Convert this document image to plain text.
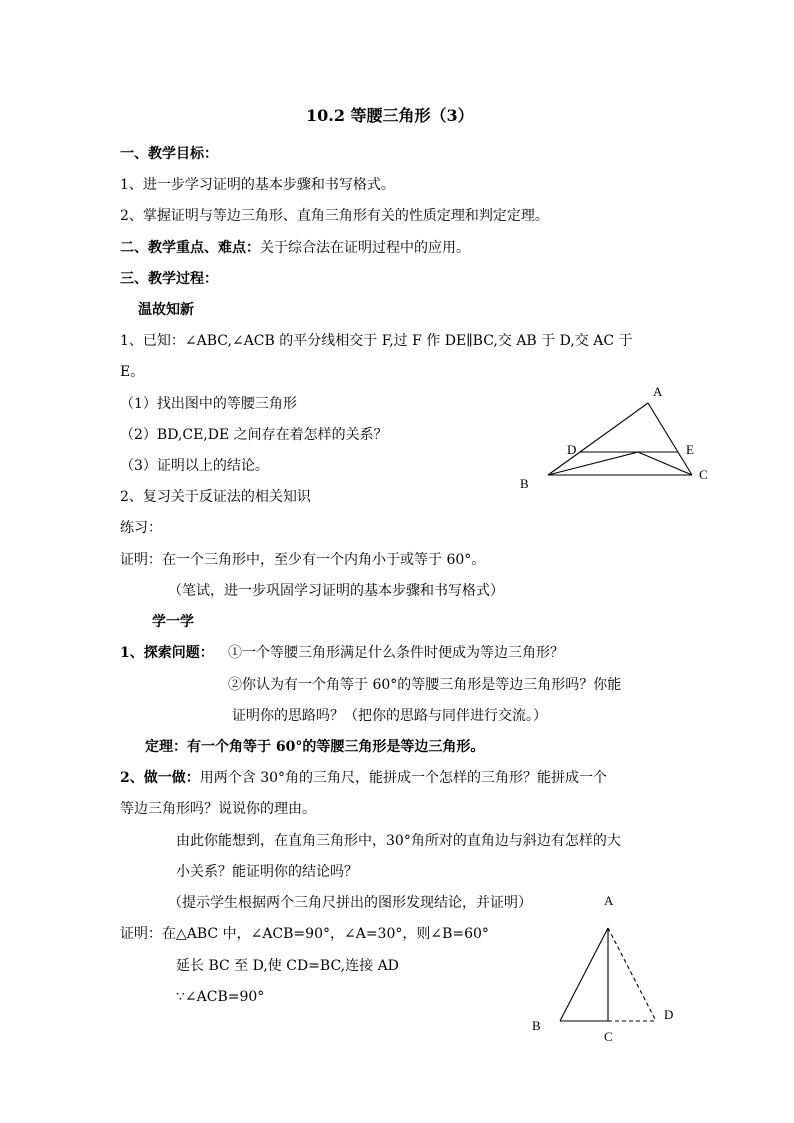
10.2 等腰三角形（3）
一、教学目标：
1、进一步学习证明的基本步骤和书写格式。
2、掌握证明与等边三角形、直角三角形有关的性质定理和判定定理。
二、教学重点、难点：关于综合法在证明过程中的应用。
三、教学过程：
温故知新
1、已知：∠ABC,∠ACB 的平分线相交于 F,过 F 作 DE∥BC,交 AB 于 D,交 AC 于
E。
（1）找出图中的等腰三角形
（2）BD,CE,DE 之间存在着怎样的关系？
（3）证明以上的结论。
2、复习关于反证法的相关知识
练习：
证明：在一个三角形中，至少有一个内角小于或等于 60°。
（笔试，进一步巩固学习证明的基本步骤和书写格式）
学一学
1、探索问题： ①一个等腰三角形满足什么条件时便成为等边三角形？
②你认为有一个角等于 60°的等腰三角形是等边三角形吗？你能
证明你的思路吗？（把你的思路与同伴进行交流。）
定理：有一个角等于 60°的等腰三角形是等边三角形。
2、做一做：用两个含 30°角的三角尺，能拼成一个怎样的三角形？能拼成一个
等边三角形吗？说说你的理由。
由此你能想到，在直角三角形中，30°角所对的直角边与斜边有怎样的大
小关系？能证明你的结论吗？
（提示学生根据两个三角尺拼出的图形发现结论，并证明）
证明：在△ABC 中，∠ACB=90°，∠A=30°，则∠B=60°
延长 BC 至 D,使 CD=BC,连接 AD
∵∠ACB=90°
A
B
C
D	E
A
B
C
D
